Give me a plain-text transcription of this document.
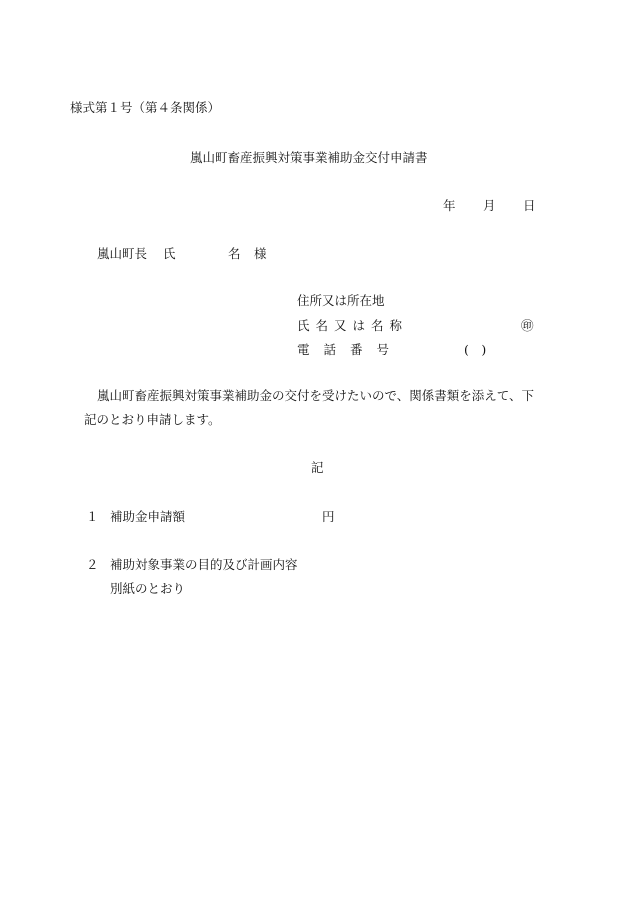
様式第１号（第４条関係）
嵐山町畜産振興対策事業補助金交付申請書
年 月 日
嵐山町長 氏	名 様
住所又は所在地
氏名又は名称	㊞
電話番号	(　)
嵐山町畜産振興対策事業補助金の交付を受けたいので、関係書類を添えて、下
記のとおり申請します。
記
１ 補助金申請額	円
２ 補助対象事業の目的及び計画内容
別紙のとおり
